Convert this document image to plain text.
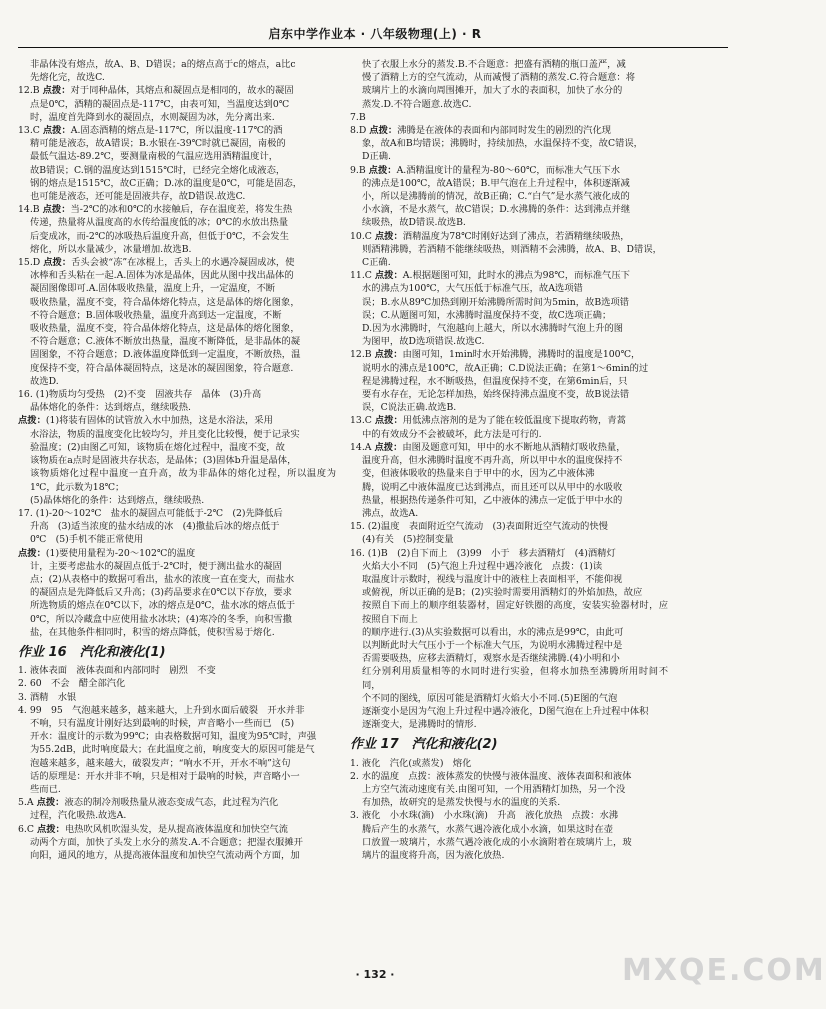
启东中学作业本 · 八年级物理(上) · R

非晶体没有熔点，故A、B、D错误；a的熔点高于c的熔点，a比c

先熔化完，故选C.

12.B 点拨：对于同种晶体，其熔点和凝固点是相同的，故水的凝固

点是0℃，酒精的凝固点是-117℃，由表可知，当温度达到0℃

时，温度首先降到水的凝固点，水则凝固为冰，先分离出来.

13.C 点拨：A.固态酒精的熔点是-117℃，所以温度-117℃的酒

精可能是液态，故A错误；B.水银在-39℃时就已凝固，南极的

最低气温达-89.2℃，要测量南极的气温应选用酒精温度计，

故B错误；C.钢的温度达到1515℃时，已经完全熔化成液态，

钢的熔点是1515℃，故C正确；D.冰的温度是0℃，可能是固态，

也可能是液态，还可能是固液共存，故D错误.故选C.

14.B 点拨：当-2℃的冰和0℃的水接触后，存在温度差，将发生热

传递，热量将从温度高的水传给温度低的冰；0℃的水放出热量

后变成冰，而-2℃的冰吸热后温度升高，但低于0℃，不会发生

熔化，所以水量减少，冰量增加.故选B.

15.D 点拨：舌头会被“冻”在冰棍上，舌头上的水遇冷凝固成冰，使

冰棒和舌头粘在一起.A.固体为冰是晶体，因此从图中找出晶体的

凝固图像即可.A.固体吸收热量，温度上升，一定温度，不断

吸收热量，温度不变，符合晶体熔化特点，这是晶体的熔化图象，

不符合题意；B.固体吸收热量，温度升高到达一定温度，不断

吸收热量，温度不变，符合晶体熔化特点，这是晶体的熔化图象，

不符合题意；C.液体不断放出热量，温度不断降低，是非晶体的凝

固图象，不符合题意；D.液体温度降低到一定温度，不断放热，温

度保持不变，符合晶体凝固特点，这是冰的凝固图象，符合题意.

故选D.

16. (1)物质均匀受热　(2)不变　固液共存　晶体　(3)升高

晶体熔化的条件：达到熔点，继续吸热.

点拨：(1)将装有固体的试管放入水中加热，这是水浴法，采用

水浴法，物质的温度变化比较均匀，并且变化比较慢，便于记录实

验温度；(2)由图乙可知，该物质在熔化过程中，温度不变，故

该物质在a点时是固液共存状态，是晶体；(3)固体b升温是晶体，

该物质熔化过程中温度一直升高，故为非晶体的熔化过程，所以温度为1℃，此示数为18℃；

(5)晶体熔化的条件：达到熔点，继续吸热.

17. (1)-20～102℃　盐水的凝固点可能低于-2℃　(2)先降低后

升高　(3)适当浓度的盐水结成的冰　(4)撒盐后冰的熔点低于

0℃　(5)手机不能正常使用

点拨：(1)要使用量程为-20～102℃的温度

计，主要考虑盐水的凝固点低于-2℃时，便于测出盐水的凝固

点；(2)从表格中的数据可看出，盐水的浓度一直在变大，而盐水

的凝固点是先降低后又升高；(3)药品要求在0℃以下存放，要求

所选物质的熔点在0℃以下，冰的熔点是0℃，盐水冰的熔点低于

0℃，所以冷藏盒中应使用盐水冰块；(4)寒冷的冬季，向积雪撒

盐，在其他条件相同时，积雪的熔点降低，使积雪易于熔化.

作业 16　汽化和液化(1)

1. 液体表面　液体表面和内部同时　剧烈　不变

2. 60　不会　醋全部汽化

3. 酒精　水银

4. 99　95　气泡越来越多，越来越大，上升到水面后破裂　开水并非

不响，只有温度计刚好达到最响的时候，声音略小一些而已　(5)

开水：温度计的示数为99℃；由表格数据可知，温度为95℃时，声强

为55.2dB，此时响度最大；在此温度之前，响度变大的原因可能是气

泡越来越多，越来越大，破裂发声；“响水不开，开水不响”这句

话的原理是：开水并非不响，只是相对于最响的时候，声音略小一

些而已.

5.A 点拨：液态的制冷剂吸热量从液态变成气态，此过程为汽化

过程，汽化吸热.故选A.

6.C 点拨：电热吹风机吹湿头发，是从提高液体温度和加快空气流

动两个方面，加快了头发上水分的蒸发.A.不合题意；把湿衣服摊开

向阳，通风的地方，从提高液体温度和加快空气流动两个方面，加

快了衣服上水分的蒸发.B.不合题意：把盛有酒精的瓶口盖严，减

慢了酒精上方的空气流动，从而减慢了酒精的蒸发.C.符合题意：将

玻璃片上的水滴向周围摊开，加大了水的表面积，加快了水分的

蒸发.D.不符合题意.故选C.

7.B

8.D 点拨：沸腾是在液体的表面和内部同时发生的剧烈的汽化现

象，故A和B均错误；沸腾时，持续加热，水温保持不变，故C错误，

D正确.

9.B 点拨：A.酒精温度计的量程为-80～60℃，而标准大气压下水

的沸点是100℃，故A错误；B.甲气泡在上升过程中，体积逐渐减

小，所以是沸腾前的情况，故B正确；C.“白气”是水蒸气液化成的

小水滴，不是水蒸气，故C错误；D.水沸腾的条件：达到沸点并继

续吸热，故D错误.故选B.

10.C 点拨：酒精温度为78℃时刚好达到了沸点，若酒精继续吸热，

则酒精沸腾，若酒精不能继续吸热，则酒精不会沸腾，故A、B、D错误，

C正确.

11.C 点拨：A.根据题图可知，此时水的沸点为98℃，而标准气压下

水的沸点为100℃，大气压低于标准气压，故A选项错

误；B.水从89℃加热到刚开始沸腾所需时间为5min，故B选项错

误；C.从题图可知，水沸腾时温度保持不变，故C选项正确；

D.因为水沸腾时，气泡越向上越大，所以水沸腾时气泡上升的图

为图甲，故D选项错误.故选C.

12.B 点拨：由图可知，1min时水开始沸腾，沸腾时的温度是100℃，

说明水的沸点是100℃，故A正确；C.D说法正确；在第1～6min的过

程是沸腾过程，水不断吸热，但温度保持不变，在第6min后，只

要有水存在，无论怎样加热，始终保持沸点温度不变，故B说法错

误，C说法正确.故选B.

13.C 点拨：用低沸点溶剂的是为了能在较低温度下提取药物，青蒿

中的有效成分不会被破坏，此方法是可行的.

14.A 点拨：由图及题意可知，甲中的水不断地从酒精灯吸收热量，

温度升高，但水沸腾时温度不再升高，所以甲中水的温度保持不

变，但液体吸收的热量来自于甲中的水，因为乙中液体沸

腾，说明乙中液体温度已达到沸点，而且还可以从甲中的水吸收

热量，根据热传递条件可知，乙中液体的沸点一定低于甲中水的

沸点，故选A.

15. (2)温度　表面附近空气流动　(3)表面附近空气流动的快慢

(4)有关　(5)控制变量

16. (1)B　(2)自下而上　(3)99　小于　移去酒精灯　(4)酒精灯

火焰大小不同　(5)气泡上升过程中遇冷液化　点拨：(1)读

取温度计示数时，视线与温度计中的液柱上表面相平，不能仰视

或俯视，所以正确的是B；(2)实验时需要用酒精灯的外焰加热，故应

按照自下而上的顺序组装器材，固定好铁圈的高度，安装实验器材时，应按照自下而上

的顺序进行.(3)从实验数据可以看出，水的沸点是99℃，由此可

以判断此时大气压小于一个标准大气压，为说明水沸腾过程中是

否需要吸热，应移去酒精灯，观察水是否继续沸腾.(4)小明和小

红分别利用质量相等的水同时进行实验，但将水加热至沸腾所用时间不同，

个不同的图线，原因可能是酒精灯火焰大小不同.(5)E图的气泡

逐渐变小是因为气泡上升过程中遇冷液化，D图气泡在上升过程中体积

逐渐变大，是沸腾时的情形.

作业 17　汽化和液化(2)

1. 液化　汽化(或蒸发)　熔化

2. 水的温度　点拨：液体蒸发的快慢与液体温度、液体表面积和液体

上方空气流动速度有关.由图可知，一个用酒精灯加热，另一个没

有加热，故研究的是蒸发快慢与水的温度的关系.

3. 液化　小水珠(滴)　小水珠(滴)　升高　液化放热　点拨：水沸

腾后产生的水蒸气，水蒸气遇冷液化成小水滴，如果这时在壶

口放置一玻璃片，水蒸气遇冷液化成的小水滴附着在玻璃片上，玻

璃片的温度将升高，因为液化放热.

· 132 ·	MXQE.COM
